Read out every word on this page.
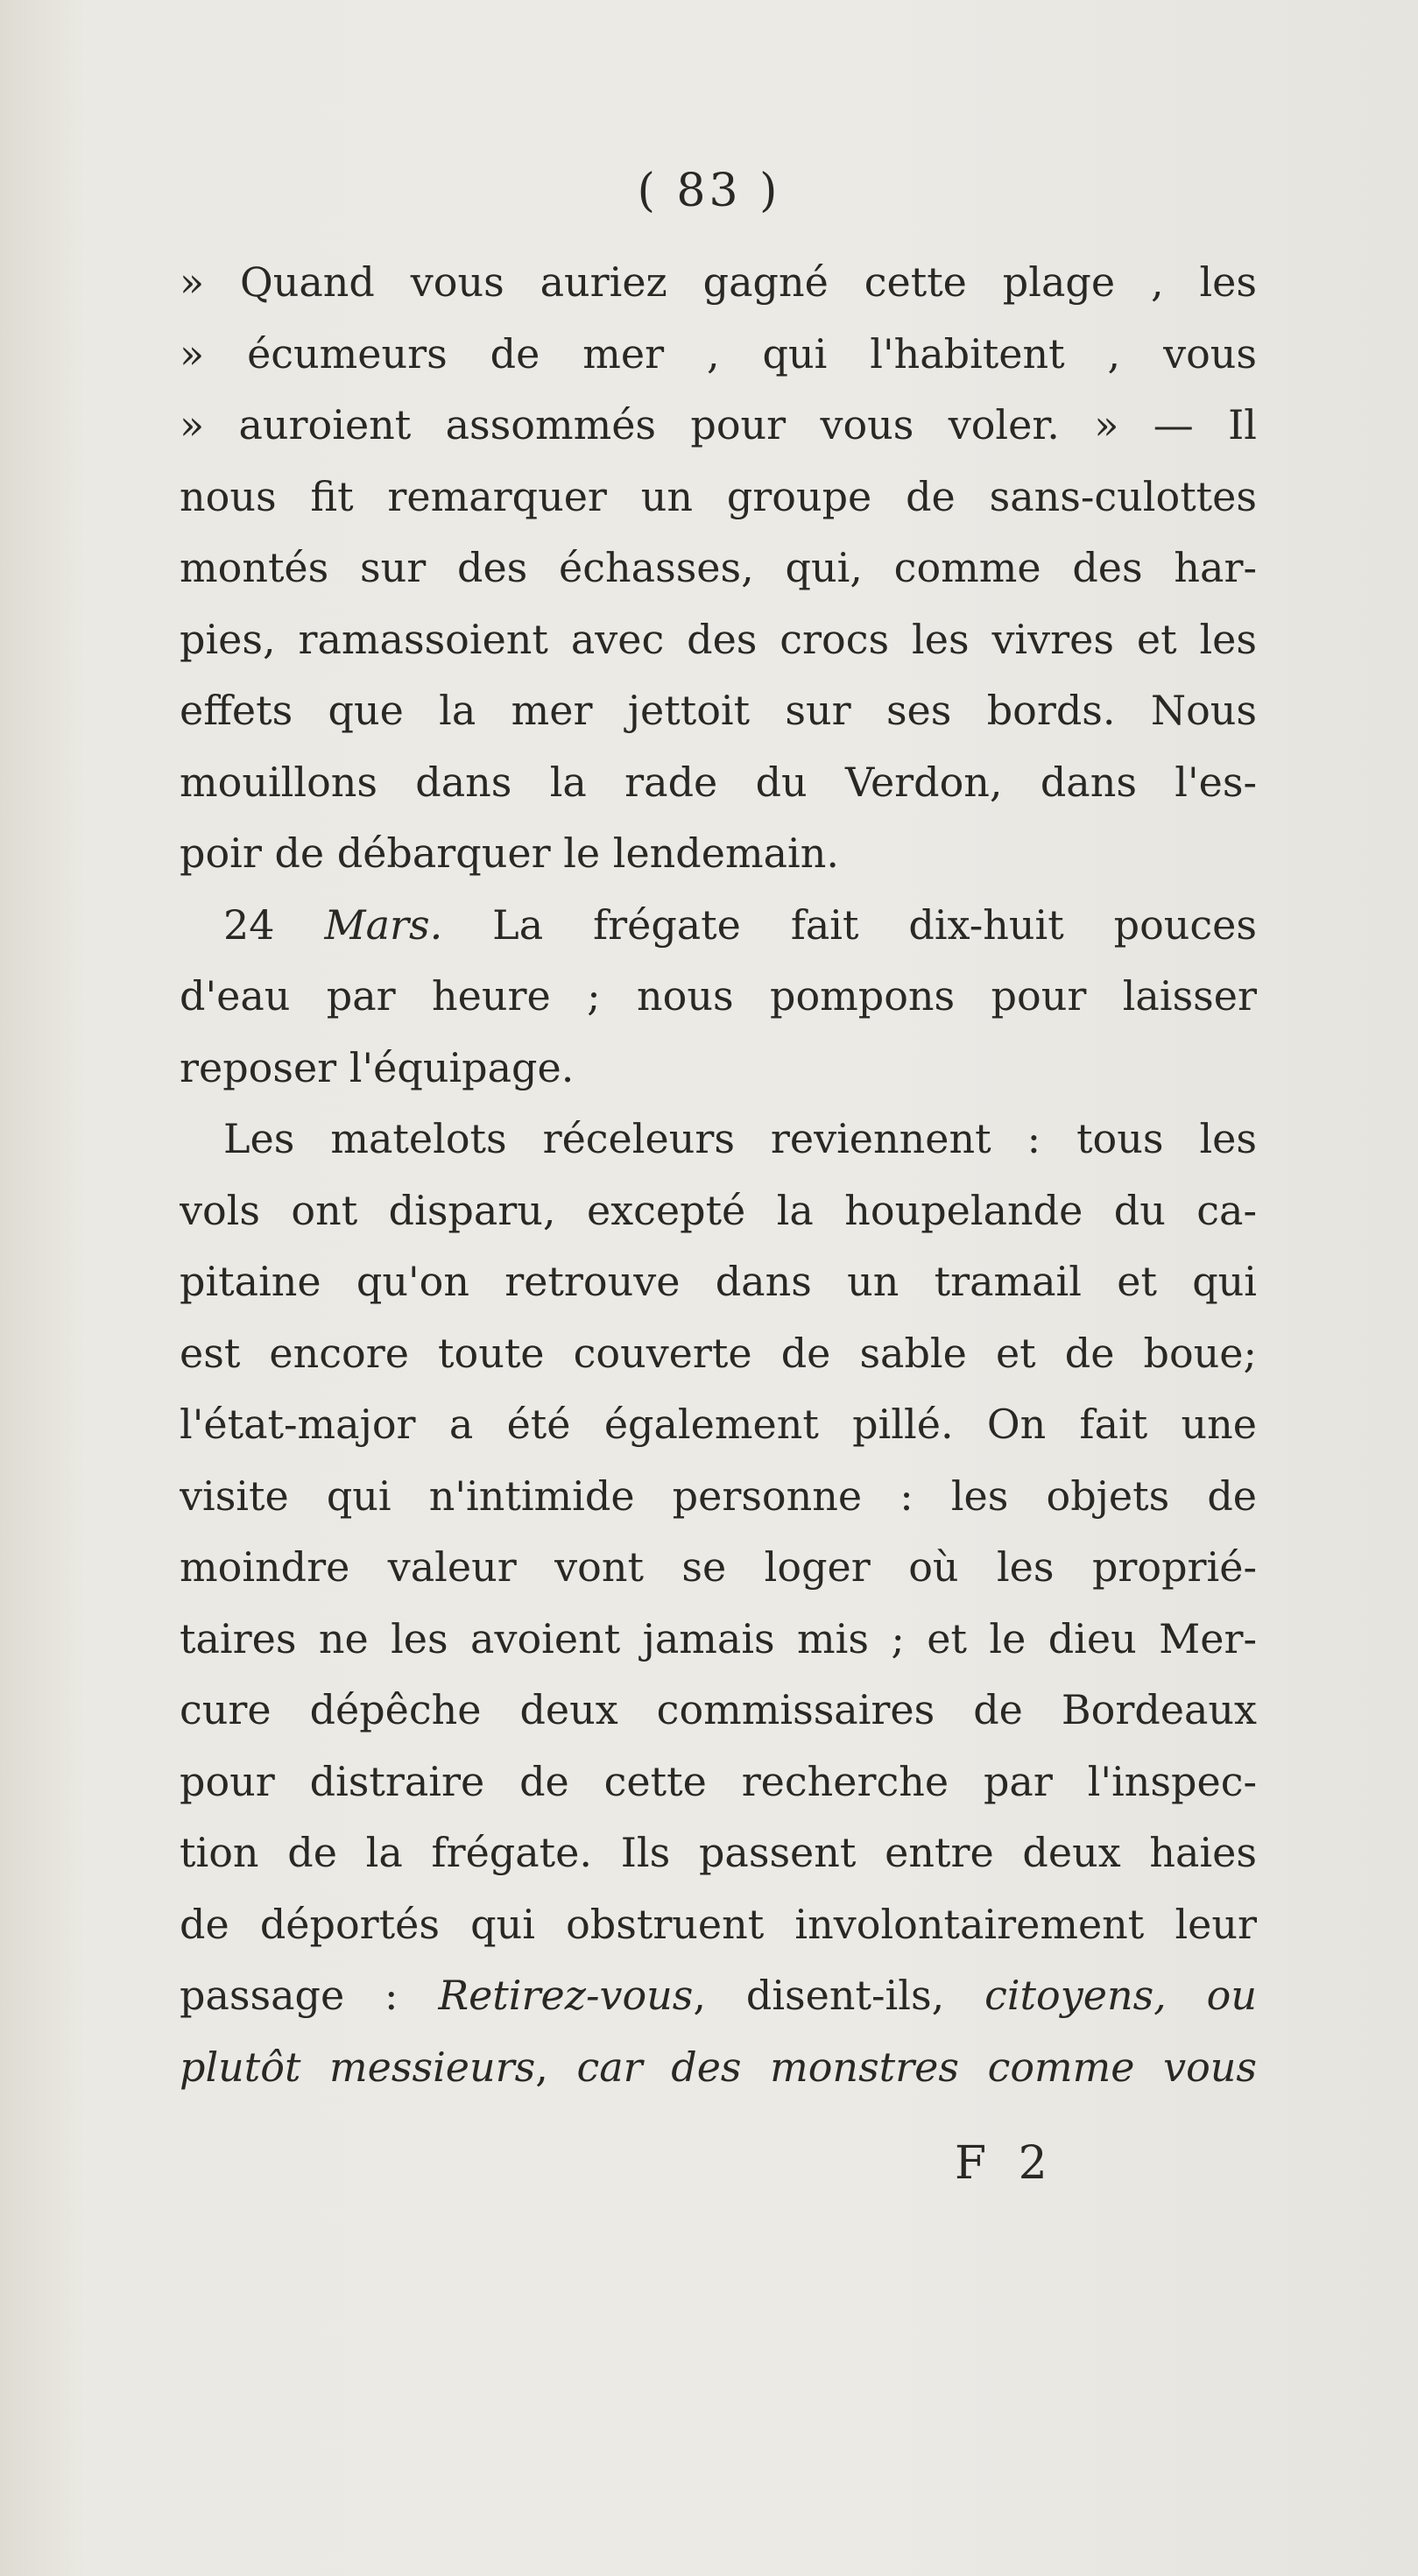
( 83 )
» Quand vous auriez gagné cette plage , les
» écumeurs de mer , qui l'habitent , vous
» auroient assommés pour vous voler. » — Il
nous fit remarquer un groupe de sans-culottes
montés sur des échasses, qui, comme des har-
pies, ramassoient avec des crocs les vivres et les
effets que la mer jettoit sur ses bords. Nous
mouillons dans la rade du Verdon, dans l'es-
poir de débarquer le lendemain.
24 Mars. La frégate fait dix-huit pouces
d'eau par heure ; nous pompons pour laisser
reposer l'équipage.
Les matelots réceleurs reviennent : tous les
vols ont disparu, excepté la houpelande du ca-
pitaine qu'on retrouve dans un tramail et qui
est encore toute couverte de sable et de boue;
l'état-major a été également pillé. On fait une
visite qui n'intimide personne : les objets de
moindre valeur vont se loger où les proprié-
taires ne les avoient jamais mis ; et le dieu Mer-
cure dépêche deux commissaires de Bordeaux
pour distraire de cette recherche par l'inspec-
tion de la frégate. Ils passent entre deux haies
de déportés qui obstruent involontairement leur
passage : Retirez-vous, disent-ils, citoyens, ou
plutôt messieurs, car des monstres comme vous
F 2
